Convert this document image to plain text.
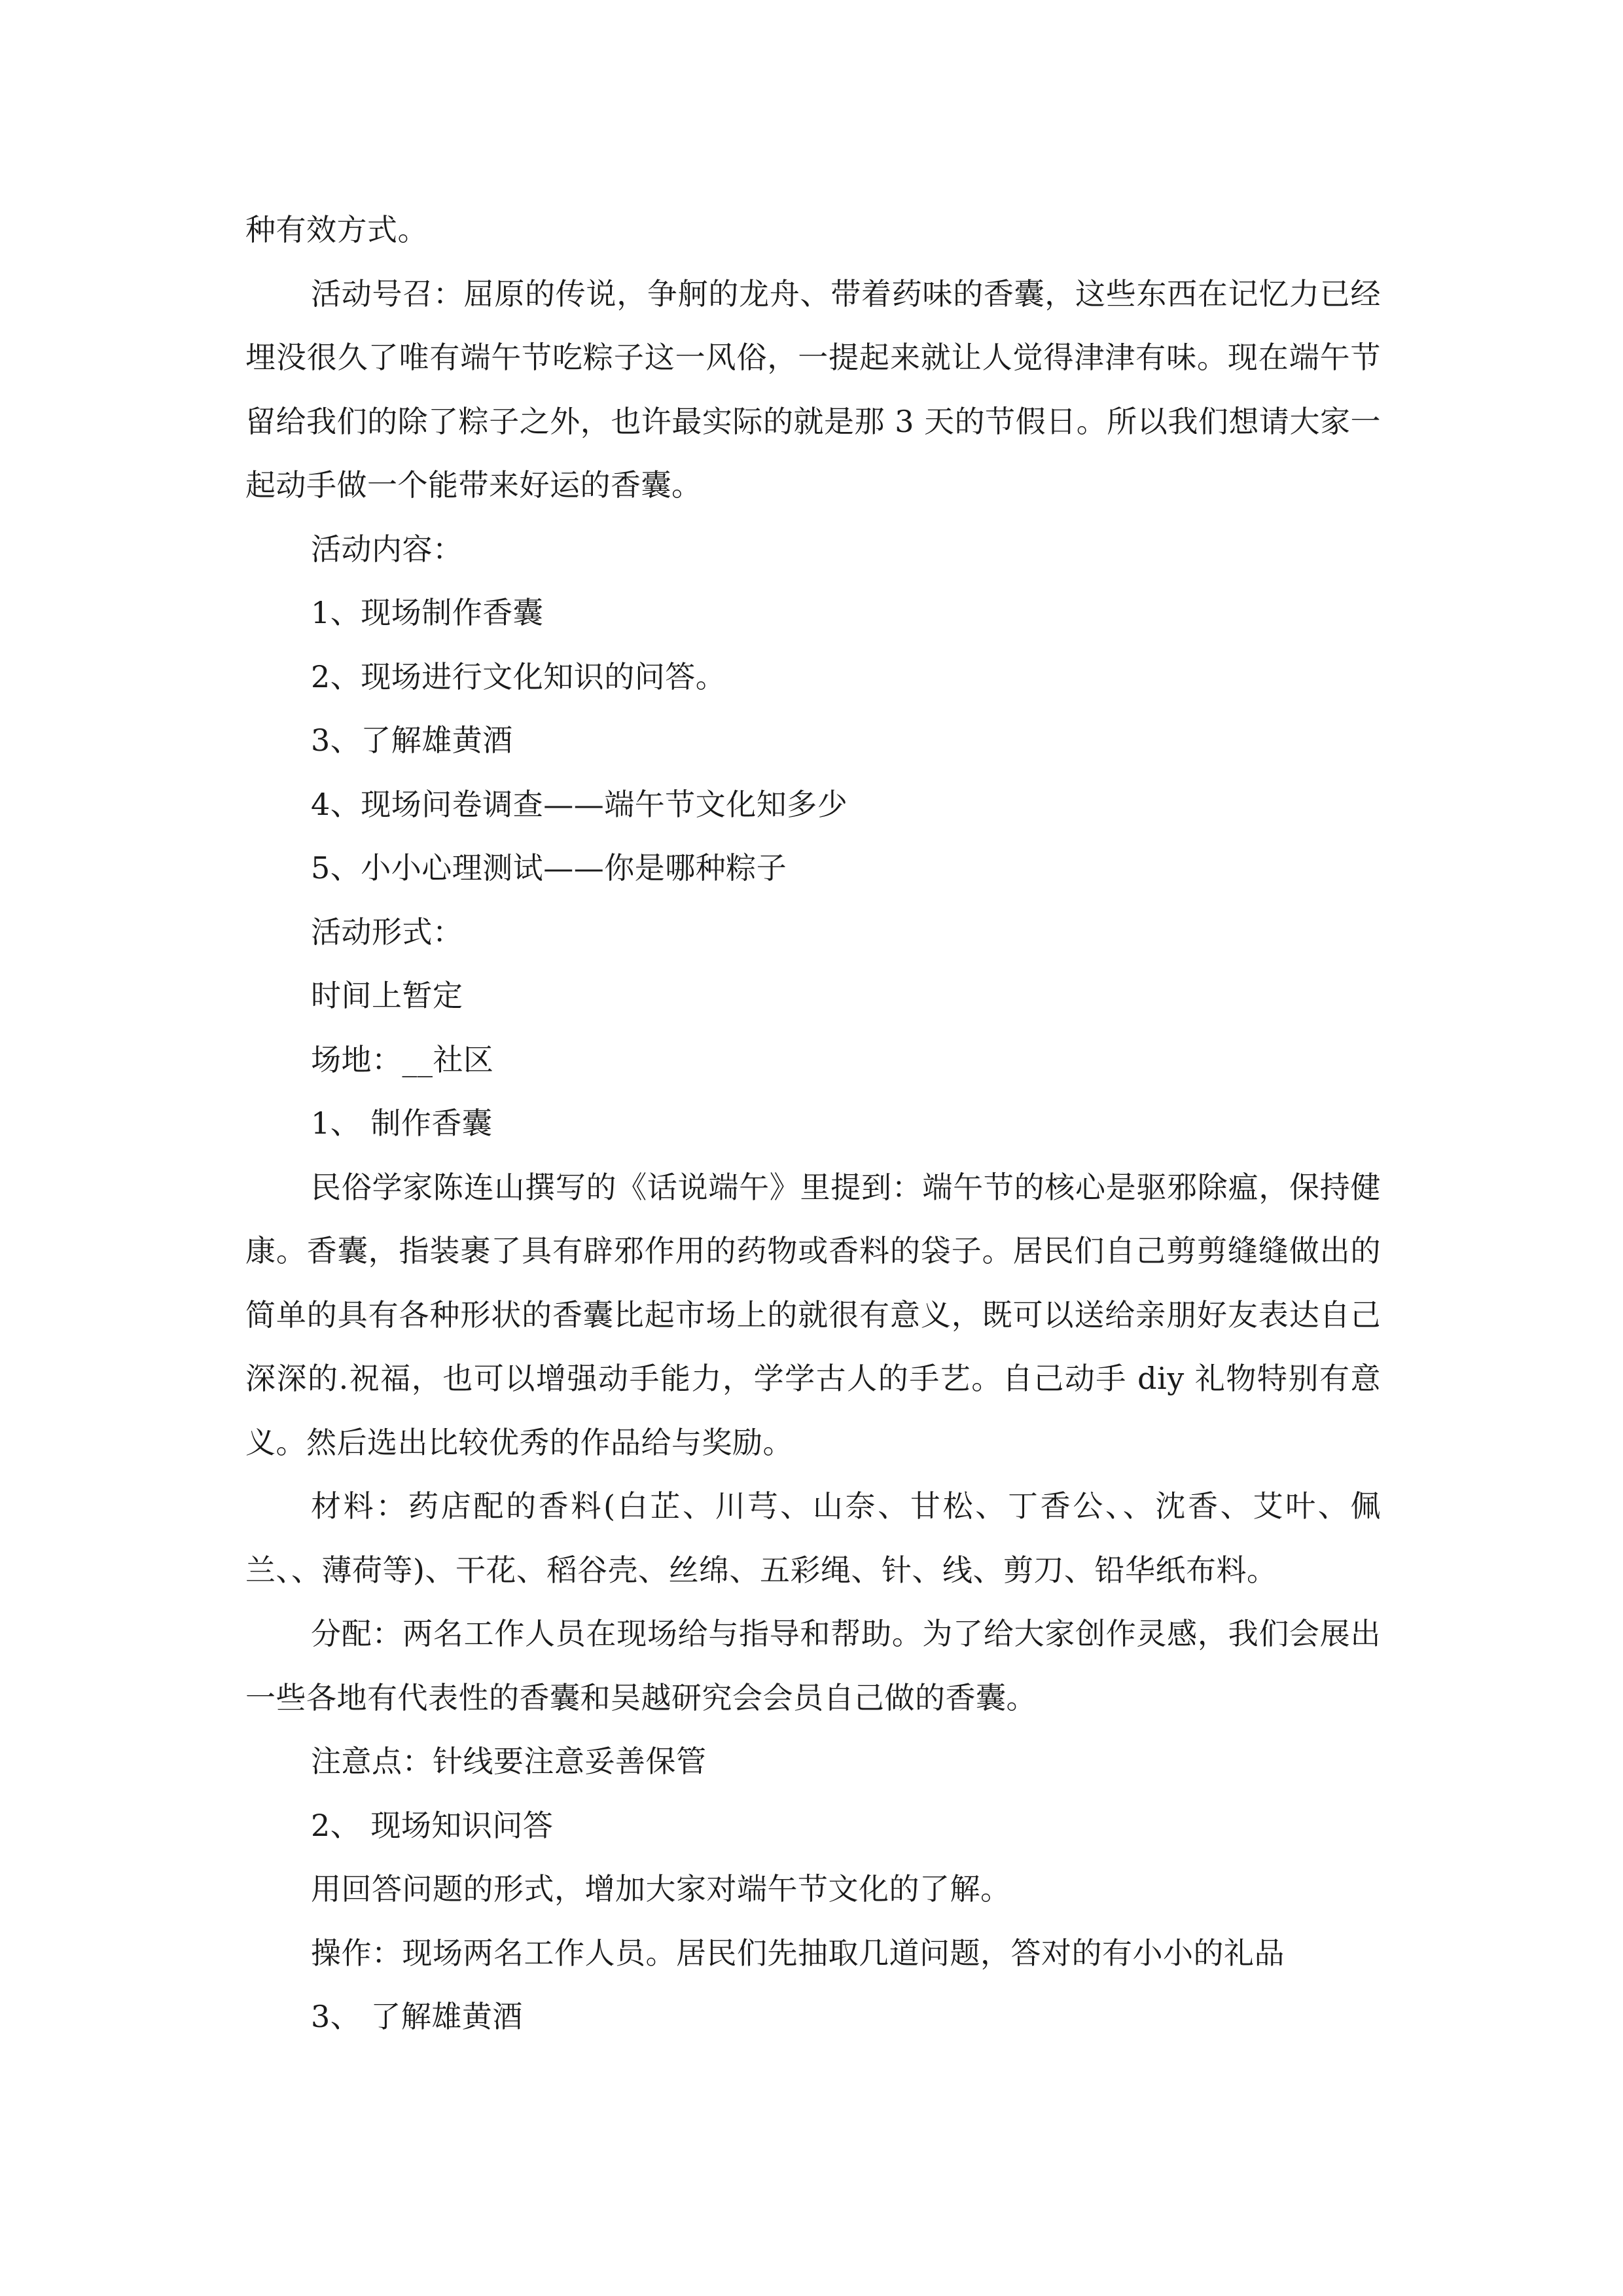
种有效方式。

活动号召：屈原的传说，争舸的龙舟、带着药味的香囊，这些东西在记忆力已经埋没很久了唯有端午节吃粽子这一风俗，一提起来就让人觉得津津有味。现在端午节留给我们的除了粽子之外，也许最实际的就是那 3 天的节假日。所以我们想请大家一起动手做一个能带来好运的香囊。

活动内容：

1、现场制作香囊

2、现场进行文化知识的问答。

3、了解雄黄酒

4、现场问卷调查——端午节文化知多少

5、小小心理测试——你是哪种粽子

活动形式：

时间上暂定

场地：__社区

1、 制作香囊

民俗学家陈连山撰写的《话说端午》里提到：端午节的核心是驱邪除瘟，保持健康。香囊，指装裹了具有辟邪作用的药物或香料的袋子。居民们自己剪剪缝缝做出的简单的具有各种形状的香囊比起市场上的就很有意义，既可以送给亲朋好友表达自己深深的.祝福，也可以增强动手能力，学学古人的手艺。自己动手 diy 礼物特别有意义。然后选出比较优秀的作品给与奖励。

材料：药店配的香料(白芷、川芎、山奈、甘松、丁香公、、沈香、艾叶、佩兰、、薄荷等)、干花、稻谷壳、丝绵、五彩绳、针、线、剪刀、铅华纸布料。

分配：两名工作人员在现场给与指导和帮助。为了给大家创作灵感，我们会展出一些各地有代表性的香囊和吴越研究会会员自己做的香囊。

注意点：针线要注意妥善保管

2、 现场知识问答

用回答问题的形式，增加大家对端午节文化的了解。

操作：现场两名工作人员。居民们先抽取几道问题，答对的有小小的礼品

3、 了解雄黄酒
